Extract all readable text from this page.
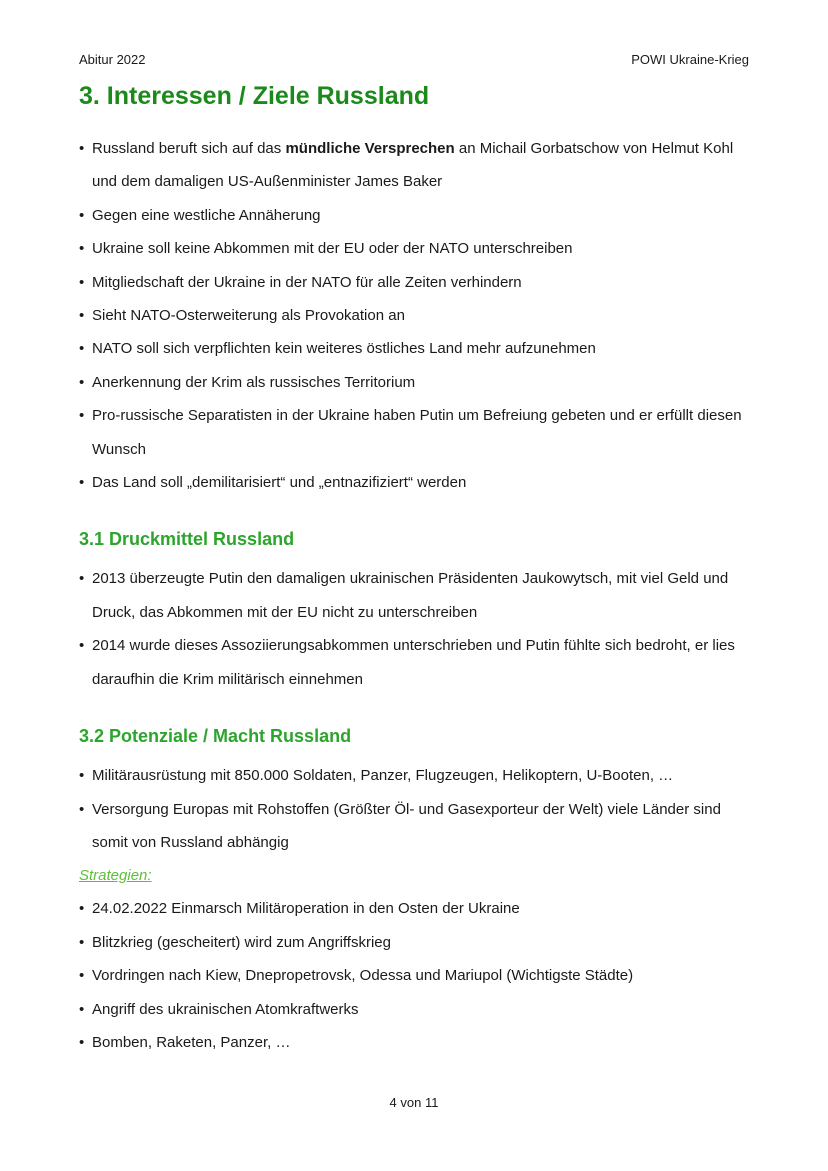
Abitur 2022	POWI Ukraine-Krieg
3. Interessen / Ziele Russland
• Russland beruft sich auf das mündliche Versprechen an Michail Gorbatschow von Helmut Kohl und dem damaligen US-Außenminister James Baker
• Gegen eine westliche Annäherung
• Ukraine soll keine Abkommen mit der EU oder der NATO unterschreiben
• Mitgliedschaft der Ukraine in der NATO für alle Zeiten verhindern
• Sieht NATO-Osterweiterung als Provokation an
• NATO soll sich verpflichten kein weiteres östliches Land mehr aufzunehmen
• Anerkennung der Krim als russisches Territorium
• Pro-russische Separatisten in der Ukraine haben Putin um Befreiung gebeten und er erfüllt diesen Wunsch
• Das Land soll „demilitarisiert“ und „entnazifiziert“ werden
3.1 Druckmittel Russland
• 2013 überzeugte Putin den damaligen ukrainischen Präsidenten Jaukowytsch, mit viel Geld und Druck, das Abkommen mit der EU nicht zu unterschreiben
• 2014 wurde dieses Assoziierungsabkommen unterschrieben und Putin fühlte sich bedroht, er lies daraufhin die Krim militärisch einnehmen
3.2 Potenziale / Macht Russland
• Militärausrüstung mit 850.000 Soldaten, Panzer, Flugzeugen, Helikoptern, U-Booten, …
• Versorgung Europas mit Rohstoffen (Größter Öl- und Gasexporteur der Welt) viele Länder sind somit von Russland abhängig
Strategien:
• 24.02.2022 Einmarsch Militäroperation in den Osten der Ukraine
• Blitzkrieg (gescheitert) wird zum Angriffskrieg
• Vordringen nach Kiew, Dnepropetrovsk, Odessa und Mariupol (Wichtigste Städte)
• Angriff des ukrainischen Atomkraftwerks
• Bomben, Raketen, Panzer, …
4 von 11
